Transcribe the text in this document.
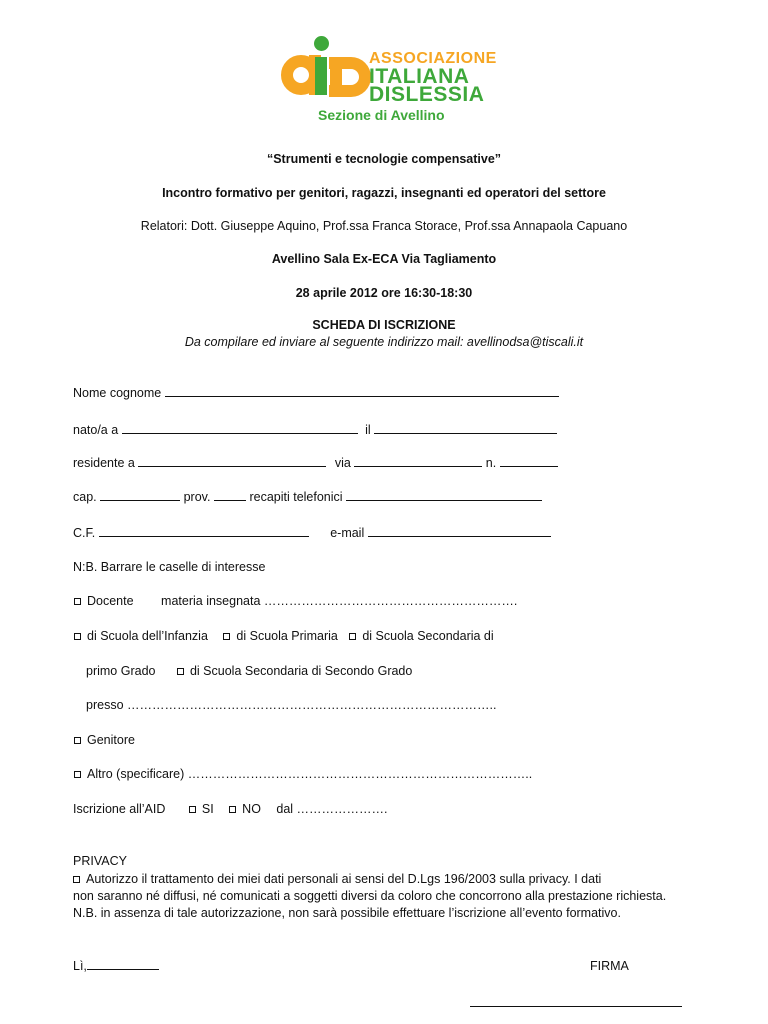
ASSOCIAZIONE
ITALIANA
DISLESSIA
Sezione di Avellino
“Strumenti e tecnologie compensative”
Incontro formativo per genitori, ragazzi, insegnanti ed operatori del settore
Relatori: Dott. Giuseppe Aquino, Prof.ssa Franca Storace, Prof.ssa Annapaola Capuano
Avellino Sala Ex-ECA Via Tagliamento
28 aprile 2012 ore 16:30-18:30
SCHEDA DI ISCRIZIONE
Da compilare ed inviare al seguente indirizzo mail: avellinodsa@tiscali.it
Nome cognome
nato/a a	il
residente a	via	n.
cap.	prov.	recapiti telefonici
C.F.	e-mail
N:B. Barrare le caselle di interesse
Docente materia insegnata …………………………………………………….
di Scuola dell’Infanzia di Scuola Primaria di Scuola Secondaria di
primo Grado	di Scuola Secondaria di Secondo Grado
presso ……………………………………………………………………………..
Genitore
Altro (specificare) ………………………………………………………………………..
Iscrizione all’AID	SI NO dal ………………….
PRIVACY
Autorizzo il trattamento dei miei dati personali ai sensi del D.Lgs 196/2003 sulla privacy. I dati
non saranno né diffusi, né comunicati a soggetti diversi da coloro che concorrono alla prestazione richiesta.
N.B. in assenza di tale autorizzazione, non sarà possibile effettuare l’iscrizione all’evento formativo.
Lì,	FIRMA
